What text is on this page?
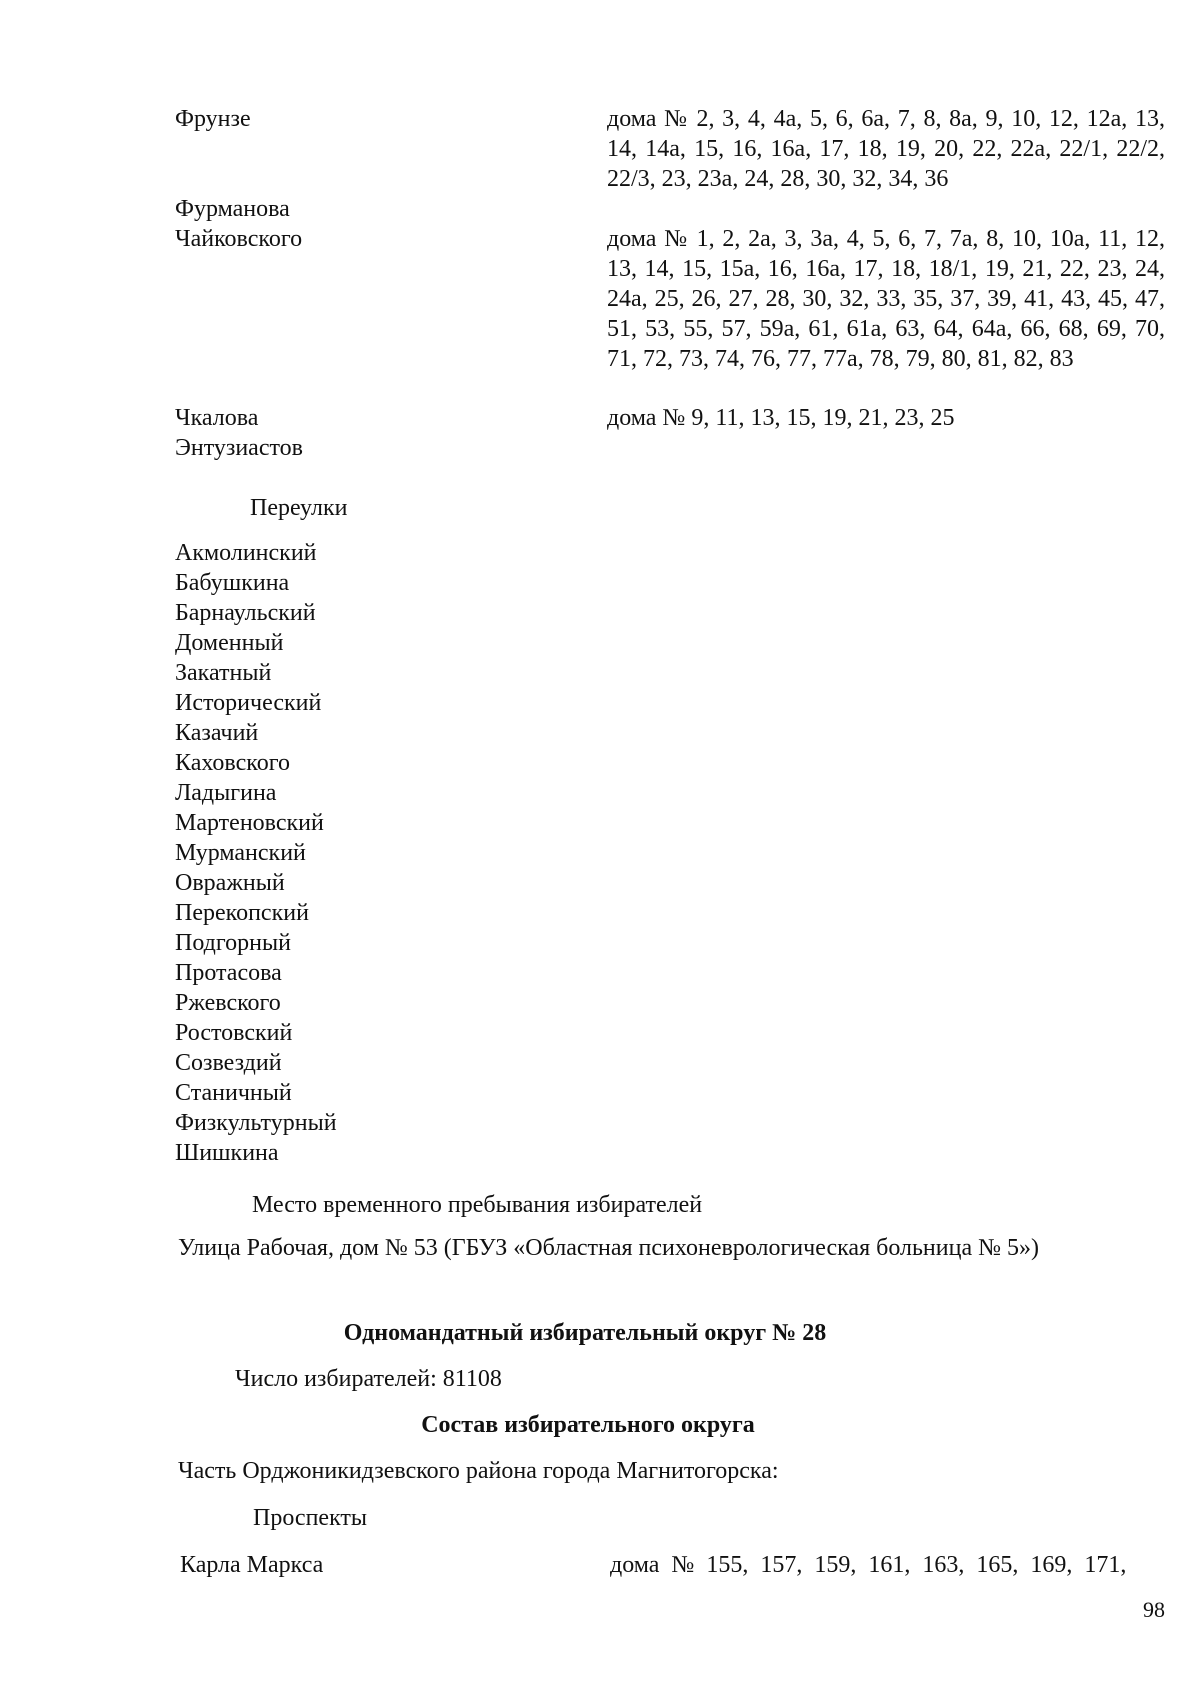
Фрунзе	дома № 2, 3, 4, 4а, 5, 6, 6а, 7, 8, 8а, 9, 10, 12, 12а, 13, 14, 14а, 15, 16, 16а, 17, 18, 19, 20, 22, 22а, 22/1, 22/2, 22/3, 23, 23а, 24, 28, 30, 32, 34, 36
Фурманова
Чайковского	дома № 1, 2, 2а, 3, 3а, 4, 5, 6, 7, 7а, 8, 10, 10а, 11, 12, 13, 14, 15, 15а, 16, 16а, 17, 18, 18/1, 19, 21, 22, 23, 24, 24а, 25, 26, 27, 28, 30, 32, 33, 35, 37, 39, 41, 43, 45, 47, 51, 53, 55, 57, 59а, 61, 61а, 63, 64, 64а, 66, 68, 69, 70, 71, 72, 73, 74, 76, 77, 77а, 78, 79, 80, 81, 82, 83
Чкалова	дома № 9, 11, 13, 15, 19, 21, 23, 25
Энтузиастов
Переулки
Акмолинский
Бабушкина
Барнаульский
Доменный
Закатный
Исторический
Казачий
Каховского
Ладыгина
Мартеновский
Мурманский
Овражный
Перекопский
Подгорный
Протасова
Ржевского
Ростовский
Созвездий
Станичный
Физкультурный
Шишкина
Место временного пребывания избирателей
Улица Рабочая, дом № 53 (ГБУЗ «Областная психоневрологическая больница № 5»)
Одномандатный избирательный округ № 28
Число избирателей: 81108
Состав избирательного округа
Часть Орджоникидзевского района города Магнитогорска:
Проспекты
Карла Маркса	дома  №  155,  157,  159,  161,  163,  165,  169,  171,
98
